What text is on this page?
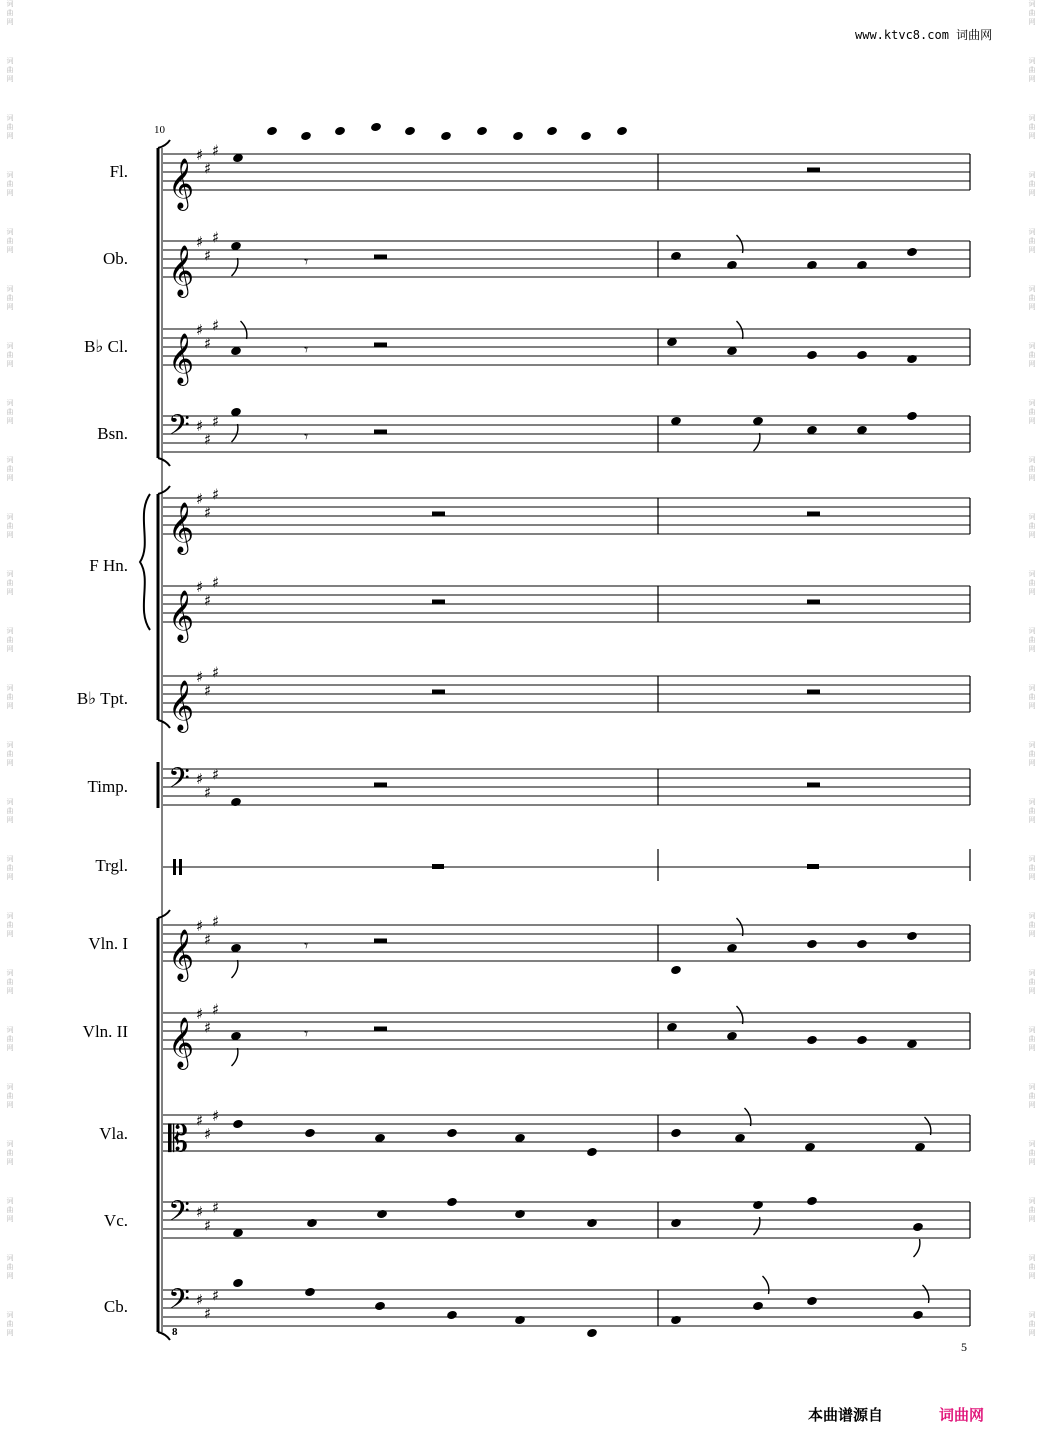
词
曲
网
词
曲
网
词
曲
网
词
曲
网
词
曲
网
词
曲
网
词
曲
网
词
曲
网
词
曲
网
词
曲
网
词
曲
网
词
曲
网
词
曲
网
词
曲
网
词
曲
网
词
曲
网
词
曲
网
词
曲
网
词
曲
网
词
曲
网
词
曲
网
词
曲
网
词
曲
网
词
曲
网
词
曲
网
词
曲
网
词
曲
网
词
曲
网
词
曲
网
词
曲
网
词
曲
网
词
曲
网
词
曲
网
词
曲
网
词
曲
网
词
曲
网
词
曲
网
词
曲
网
词
曲
网
词
曲
网
词
曲
网
词
曲
网
词
曲
网
词
曲
网
词
曲
网
词
曲
网
词
曲
网
词
曲
网
www.ktvc8.com 词曲网
10
Fl.
Ob.
B♭ Cl.
Bsn.
F Hn.
B♭ Tpt.
Timp.
Trgl.
Vln. I
Vln. II
Vla.
Vc.
Cb.
𝄞
𝄞
𝄞
𝄢
𝄞
𝄞
𝄞
𝄢
𝄞
𝄞
𝄡
𝄢
𝄢
♯
♯
♯
♯
♯
♯
♯
♯
♯
♯
♯
♯
♯
♯
♯
♯
♯
♯
♯
♯
♯
♯
♯
♯
♯
♯
♯
♯
♯
♯
♯
♯
♯
♯
♯
♯
♯
♯
♯
𝄾
𝄾
𝄾
𝄾
𝄾
8
5
本曲谱源自	词曲网
